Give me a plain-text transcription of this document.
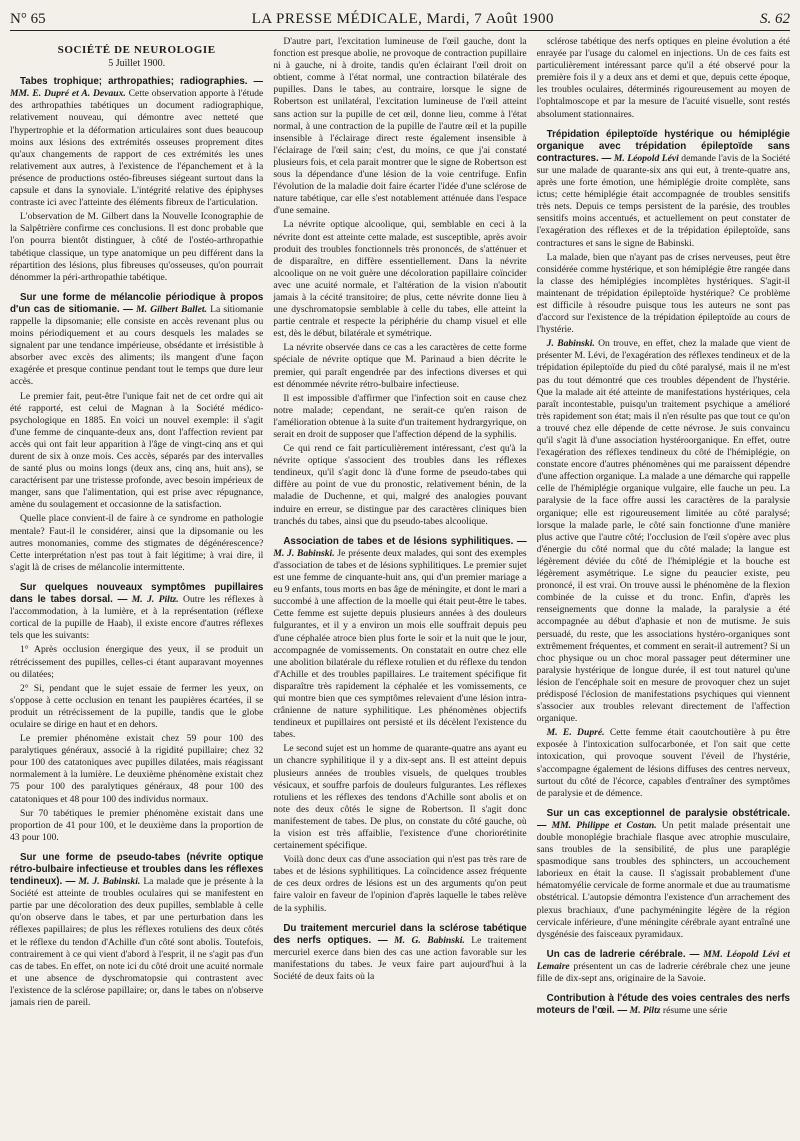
N° 65	LA PRESSE MÉDICALE, Mardi, 7 Août 1900	S. 62
SOCIÉTÉ DE NEUROLOGIE
5 Juillet 1900.

Tabes trophique; arthropathies; radiographies. — MM. E. Dupré et A. Devaux. Cette observation apporte à l'étude des arthropathies tabétiques un document radiographique, relativement nouveau, qui démontre avec netteté que l'hypertrophie et la déformation articulaires sont dues beaucoup moins aux lésions des extrémités osseuses proprement dites qu'aux changements de rapport de ces extrémités les unes relativement aux autres, à l'existence de l'épanchement et à la présence de productions ostéo-fibreuses siégeant surtout dans la capsule et dans la synoviale. L'intégrité relative des épiphyses contraste ici avec l'atteinte des éléments fibreux de l'articulation.

L'observation de M. Gilbert dans la Nouvelle Iconographie de la Salpêtrière confirme ces conclusions. Il est donc probable que l'on pourra bientôt distinguer, à côté de l'ostéo-arthropathie tabétique classique, un type anatomique un peu différent dans la répartition des lésions, plus fibreuses qu'osseuses, qu'on pourrait dénommer la péri-arthropathie tabétique.

Sur une forme de mélancolie périodique à propos d'un cas de sitiomanie. — M. Gilbert Ballet. La sitiomanie rappelle la dipsomanie; elle consiste en accès revenant plus ou moins périodiquement et au cours desquels les malades se signalent par une tendance impérieuse, obsédante et irrésistible à absorber avec excès des aliments; ils mangent d'une façon exagérée et presque continue pendant tout le temps que dure leur accès.

Le premier fait, peut-être l'unique fait net de cet ordre qui ait été rapporté, est celui de Magnan à la Société médico-psychologique en 1885. En voici un nouvel exemple: il s'agit d'une femme de cinquante-deux ans, dont l'affection revient par accès qui ont fait leur apparition à l'âge de vingt-cinq ans et qui durent de six à onze mois. Ces accès, séparés par des intervalles de santé plus ou moins longs (deux ans, cinq ans, huit ans), se caractérisent par une tristesse profonde, avec besoin impérieux de manger, sans que l'alimentation, qui est prise avec répugnance, amène du soulagement et occasionne de la satisfaction.

Quelle place convient-il de faire à ce syndrome en pathologie mentale? Faut-il le considérer, ainsi que la dipsomanie ou les autres monomanies, comme des stigmates de dégénérescence? Cette interprétation n'est pas tout à fait légitime; à vrai dire, il s'agit là de crises de mélancolie intermittente.

Sur quelques nouveaux symptômes pupillaires dans le tabes dorsal. — M. J. Piltz. Outre les réflexes à l'accommodation, à la lumière, et à la représentation (réflexe cortical de la pupille de Haab), il existe encore d'autres réflexes tels que les suivants:

1° Après occlusion énergique des yeux, il se produit un rétrécissement des pupilles, celles-ci étant auparavant moyennes ou dilatées;

2° Si, pendant que le sujet essaie de fermer les yeux, on s'oppose à cette occlusion en tenant les paupières écartées, il se produit un rétrécissement de la pupille, tandis que le globe oculaire se dirige en haut et en dehors.

Le premier phénomène existait chez 59 pour 100 des paralytiques généraux, associé à la rigidité pupillaire; chez 32 pour 100 des catatoniques avec pupilles dilatées, mais réagissant normalement à la lumière. Le deuxième phénomène existait chez 75 pour 100 des paralytiques généraux, 48 pour 100 des catatoniques et 48 pour 100 des individus normaux.

Sur 70 tabétiques le premier phénomène existait dans une proportion de 41 pour 100, et le deuxième dans la proportion de 43 pour 100.

Sur une forme de pseudo-tabes (névrite optique rétro-bulbaire infectieuse et troubles dans les réflexes tendineux). — M. J. Babinski. La malade que je présente à la Société est atteinte de troubles oculaires qui se manifestent en partie par une décoloration des deux pupilles, semblable à celle qu'on observe dans le tabes, et par une perturbation dans les réflexes papillaires; de plus les réflexes rotuliens des deux côtés et le réflexe du tendon d'Achille d'un côté sont abolis. Toutefois, contrairement à ce qui vient d'abord à l'esprit, il ne s'agit pas d'un cas de tabes. En effet, on note ici du côté droit une acuité normale et une absence de dyschromatopsie qui contrastent avec l'existence de la sclérose papillaire; or, dans le tabes on n'observe jamais rien de pareil.

D'autre part, l'excitation lumineuse de l'œil gauche, dont la fonction est presque abolie, ne provoque de contraction pupillaire ni à gauche, ni à droite, tandis qu'en éclairant l'œil droit on obtient, comme à l'état normal, une contraction bilatérale des pupilles. Dans le tabes, au contraire, lorsque le signe de Robertson est unilatéral, l'excitation lumineuse de l'œil atteint sans action sur la pupille de cet œil, donne lieu, comme à l'état normal, à une contraction de la pupille de l'autre œil et la pupille insensible à l'éclairage direct reste également insensible à l'éclairage de l'œil sain; c'est, du moins, ce que j'ai constaté plusieurs fois, et cela parait montrer que le signe de Robertson est sous la dépendance d'une lésion de la voie centrifuge. Enfin l'évolution de la maladie doit faire écarter l'idée d'une sclérose de nature tabétique, car elle s'est notablement atténuée dans l'espace d'une semaine.

La névrite optique alcoolique, qui, semblable en ceci à la névrite dont est atteinte cette malade, est susceptible, après avoir produit des troubles fonctionnels très prononcés, de s'atténuer et de disparaître, en diffère essentiellement. Dans la névrite alcoolique on ne voit guère une décoloration papillaire coïncider avec une acuité normale, et l'altération de la vision n'aboutit jamais à la cécité transitoire; de plus, cette névrite donne lieu à une dyschromatopsie semblable à celle du tabes, elle atteint la partie centrale et respecte la périphérie du champ visuel et elle est, dès le début, bilatérale et symétrique.

La névrite observée dans ce cas a les caractères de cette forme spéciale de névrite optique que M. Parinaud a bien décrite le premier, qui paraît engendrée par des infections diverses et qui est dénommée névrite rétro-bulbaire infectieuse.

Il est impossible d'affirmer que l'infection soit en cause chez notre malade; cependant, ne serait-ce qu'en raison de l'amélioration obtenue à la suite d'un traitement hydrargyrique, on serait en droit de supposer que l'affection dépend de la syphilis.

Ce qui rend ce fait particulièrement intéressant, c'est qu'à la névrite optique s'associent des troubles dans les réflexes tendineux, qu'il s'agit donc là d'une forme de pseudo-tabes qui diffère au point de vue du pronostic, relativement bénin, de la maladie de Duchenne, et qui, malgré des analogies pouvant induire en erreur, se distingue par des caractères cliniques bien tranchés du tabes, ainsi que du pseudo-tabes alcoolique.

Association de tabes et de lésions syphilitiques. — M. J. Babinski. Je présente deux malades, qui sont des exemples d'association de tabes et de lésions syphilitiques. Le premier sujet est une femme de cinquante-huit ans, qui d'un premier mariage a eu 9 enfants, tous morts en bas âge de méningite, et dont le mari a succombé à une affection de la moelle qui était peut-être le tabes. Cette femme est sujette depuis plusieurs années à des douleurs fulgurantes, et il y a environ un mois elle souffrait depuis peu d'une céphalée atroce bien plus forte le soir et la nuit que le jour, accompagnée de vomissements. On constatait en outre chez elle une abolition bilatérale du réflexe rotulien et du réflexe du tendon d'Achille et des troubles papillaires. Le traitement spécifique fit disparaître très rapidement la céphalée et les vomissements, ce qui montre bien que ces symptômes relevaient d'une lésion intra-crânienne de nature syphilitique. Les phénomènes objectifs tendineux et pupillaires ont persisté et ils décèlent l'existence du tabes.

Le second sujet est un homme de quarante-quatre ans ayant eu un chancre syphilitique il y a dix-sept ans. Il est atteint depuis plusieurs années de troubles visuels, de quelques troubles vésicaux, et souffre parfois de douleurs fulgurantes. Les réflexes rotuliens et les réflexes des tendons d'Achille sont abolis et on note des deux côtés le signe de Robertson. Il s'agit donc manifestement de tabes. De plus, on constate du côté gauche, où la vision est très affaiblie, l'existence d'une choriorétinite certainement spécifique.

Voilà donc deux cas d'une association qui n'est pas très rare de tabes et de lésions syphilitiques. La coïncidence assez fréquente de ces deux ordres de lésions est un des arguments qu'on peut faire valoir en faveur de l'opinion d'après laquelle le tabes relève de la syphilis.

Du traitement mercuriel dans la sclérose tabétique des nerfs optiques. — M. G. Babinski. Le traitement mercuriel exerce dans bien des cas une action favorable sur les manifestations du tabes. Je veux faire part aujourd'hui à la Société de deux faits où la

sclérose tabétique des nerfs optiques en pleine évolution a été enrayée par l'usage du calomel en injections. Un de ces faits est particulièrement intéressant parce qu'il a été observé pour la première fois il y a deux ans et demi et que, depuis cette époque, les troubles oculaires, déterminés rigoureusement au moyen de l'ophtalmoscope et par la mesure de l'acuité visuelle, sont restés absolument stationnaires.

Trépidation épileptoïde hystérique ou hémiplégie organique avec trépidation épileptoïde sans contractures. — M. Léopold Lévi demande l'avis de la Société sur une malade de quarante-six ans qui eut, à trente-quatre ans, après une forte émotion, une hémiplégie droite complète, sans ictus; cette hémiplégie était accompagnée de troubles sensitifs très nets. Depuis ce temps persistent de la parésie, des troubles sensitifs moins accentués, et actuellement on peut constater de l'exagération des réflexes et de la trépidation épileptoïde, sans contractures et sans le signe de Babinski.

La malade, bien que n'ayant pas de crises nerveuses, peut être considérée comme hystérique, et son hémiplégie être rangée dans la classe des hémiplégies incomplètes hystériques. S'agit-il maintenant de trépidation épileptoïde hystérique? Ce problème est difficile à résoudre puisque tous les auteurs ne sont pas d'accord sur l'existence de la trépidation épileptoïde au cours de l'hystérie.

J. Babinski. On trouve, en effet, chez la malade que vient de présenter M. Lévi, de l'exagération des réflexes tendineux et de la trépidation épileptoïde du pied du côté paralysé, mais il ne m'est pas du tout démontré que ces troubles dépendent de l'hystérie. Que la malade ait été atteinte de manifestations hystériques, cela paraît incontestable, puisqu'un traitement psychique a amélioré très rapidement son état; mais il n'en résulte pas que tout ce qu'on a trouvé chez elle dépende de cette névrose. Je suis convaincu qu'il s'agit là d'une association hystéroorganique. En effet, outre l'exagération des réflexes tendineux du côté de l'hémiplégie, on constate encore d'autres phénomènes qui me paraissent dépendre d'une affection organique. La malade a une démarche qui rappelle celle de l'hémiplégie organique vulgaire, elle fauche un peu. La paralysie de la face offre aussi les caractères de la paralysie organique; elle est rigoureusement limitée au côté paralysé; lorsque la malade parle, le côté sain fonctionne d'une manière plus active que l'autre côté; l'occlusion de l'œil s'opère avec plus d'énergie du côté normal que du côté malade; la langue est légèrement déviée du côté de l'hémiplégie et la bouche est légèrement asymétrique. Le signe du peaucier existe, peu prononcé, il est vrai. On trouve aussi le phénomène de la flexion combinée de la cuisse et du tronc. Enfin, d'après les renseignements que donne la malade, la paralysie a été accompagnée au début d'aphasie et non de mutisme. Je suis persuadé, du reste, que les associations hystéro-organiques sont extrêmement fréquentes, et comment en serait-il autrement? Si un choc physique ou un choc moral passager peut déterminer une paralysie hystérique de longue durée, il est tout naturel qu'une lésion de l'encéphale soit en mesure de provoquer chez un sujet prédisposé l'éclosion de manifestations psychiques qui viennent s'associer aux troubles relevant directement de l'affection organique.

M. E. Dupré. Cette femme était caoutchoutière à pu être exposée à l'intoxication sulfocarbonée, et l'on sait que cette intoxication, qui provoque souvent l'éveil de l'hystérie, s'accompagne également de lésions diffuses des centres nerveux, surtout du côté de l'écorce, capables d'entraîner des symptômes de paralysie et de démence.

Sur un cas exceptionnel de paralysie obstétricale. — MM. Philippe et Costan. Un petit malade présentait une double monoplégie brachiale flasque avec atrophie musculaire, sans troubles de la sensibilité, de plus une paraplégie spasmodique sans troubles des sphincters, un accouchement laborieux en était la cause. Il s'agissait probablement d'une hématomyélie cervicale de forme anormale et due au traumatisme obstétrical. L'autopsie démontra l'existence d'un arrachement des plexus brachiaux, d'une pachyméningite légère de la région cervicale inférieure, d'une méningite cérébrale ayant entraîné une dysgénésie des faisceaux pyramidaux.

Un cas de ladrerie cérébrale. — MM. Léopold Lévi et Lemaire présentent un cas de ladrerie cérébrale chez une jeune fille de dix-sept ans, originaire de la Savoie.

Contribution à l'étude des voies centrales des nerfs moteurs de l'œil. — M. Piltz résume une série
